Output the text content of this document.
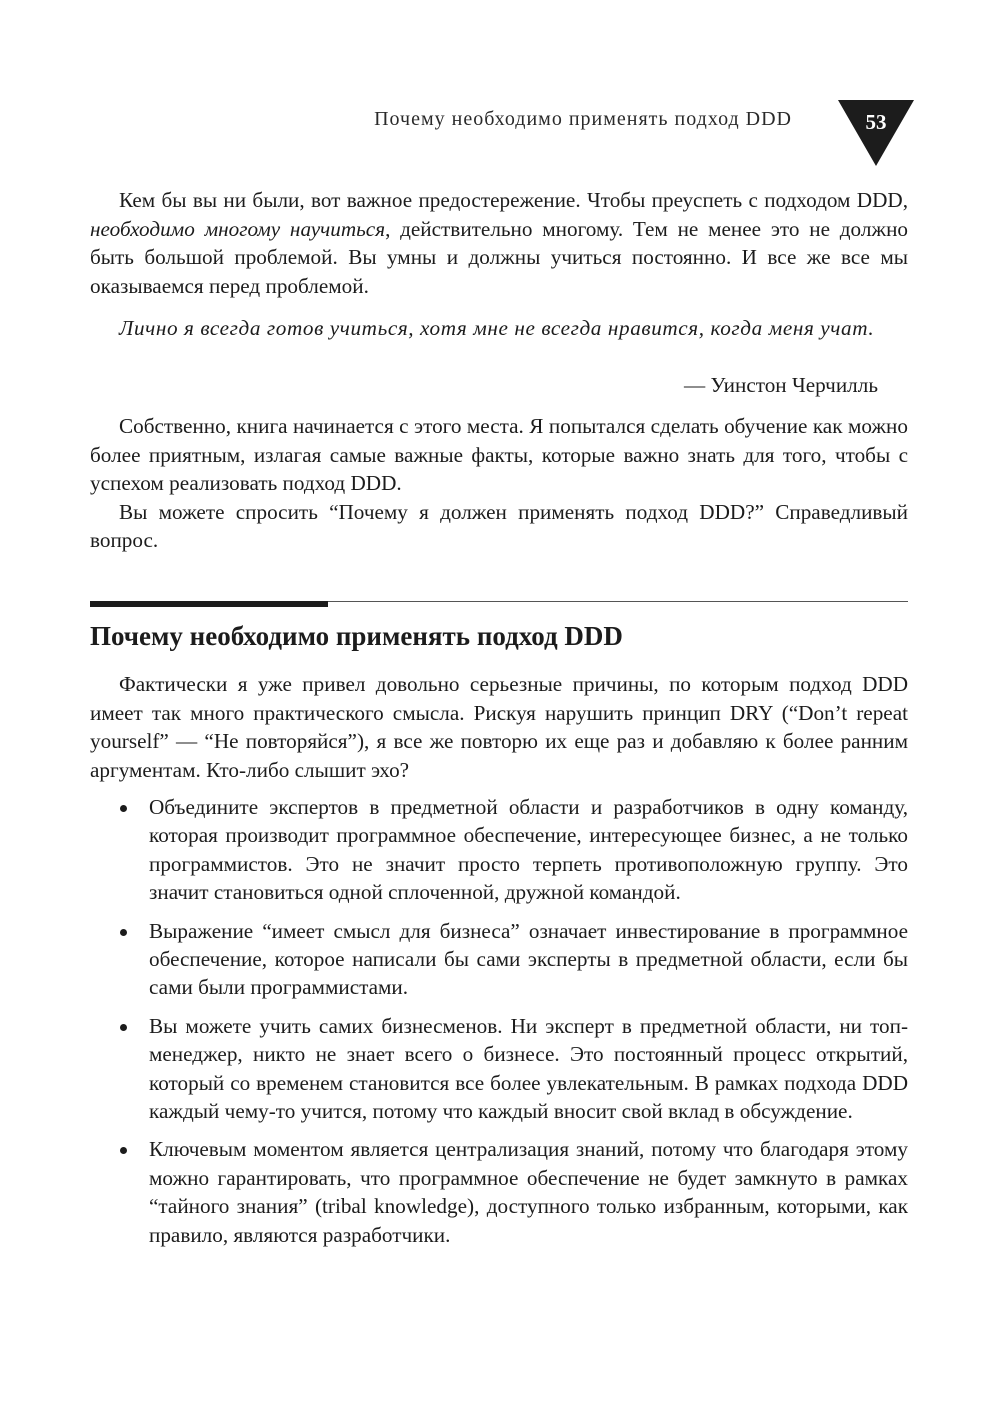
Почему необходимо применять подход DDD	53

Кем бы вы ни были, вот важное предостережение. Чтобы преуспеть с подходом DDD, необходимо многому научиться, действительно многому. Тем не менее это не должно быть большой проблемой. Вы умны и должны учиться постоянно. И все же все мы оказываемся перед проблемой.

Лично я всегда готов учиться, хотя мне не всегда нравится, когда меня учат.
— Уинстон Черчилль

Собственно, книга начинается с этого места. Я попытался сделать обучение как можно более приятным, излагая самые важные факты, которые важно знать для того, чтобы с успехом реализовать подход DDD.

Вы можете спросить “Почему я должен применять подход DDD?” Справедливый вопрос.

Почему необходимо применять подход DDD

Фактически я уже привел довольно серьезные причины, по которым подход DDD имеет так много практического смысла. Рискуя нарушить принцип DRY (“Don’t repeat yourself” — “Не повторяйся”), я все же повторю их еще раз и добавляю к более ранним аргументам. Кто-либо слышит эхо?

Объедините экспертов в предметной области и разработчиков в одну команду, которая производит программное обеспечение, интересующее бизнес, а не только программистов. Это не значит просто терпеть противоположную группу. Это значит становиться одной сплоченной, дружной командой.
Выражение “имеет смысл для бизнеса” означает инвестирование в программное обеспечение, которое написали бы сами эксперты в предметной области, если бы сами были программистами.
Вы можете учить самих бизнесменов. Ни эксперт в предметной области, ни топ-менеджер, никто не знает всего о бизнесе. Это постоянный процесс открытий, который со временем становится все более увлекательным. В рамках подхода DDD каждый чему-то учится, потому что каждый вносит свой вклад в обсуждение.
Ключевым моментом является централизация знаний, потому что благодаря этому можно гарантировать, что программное обеспечение не будет замкнуто в рамках “тайного знания” (tribal knowledge), доступного только избранным, которыми, как правило, являются разработчики.
